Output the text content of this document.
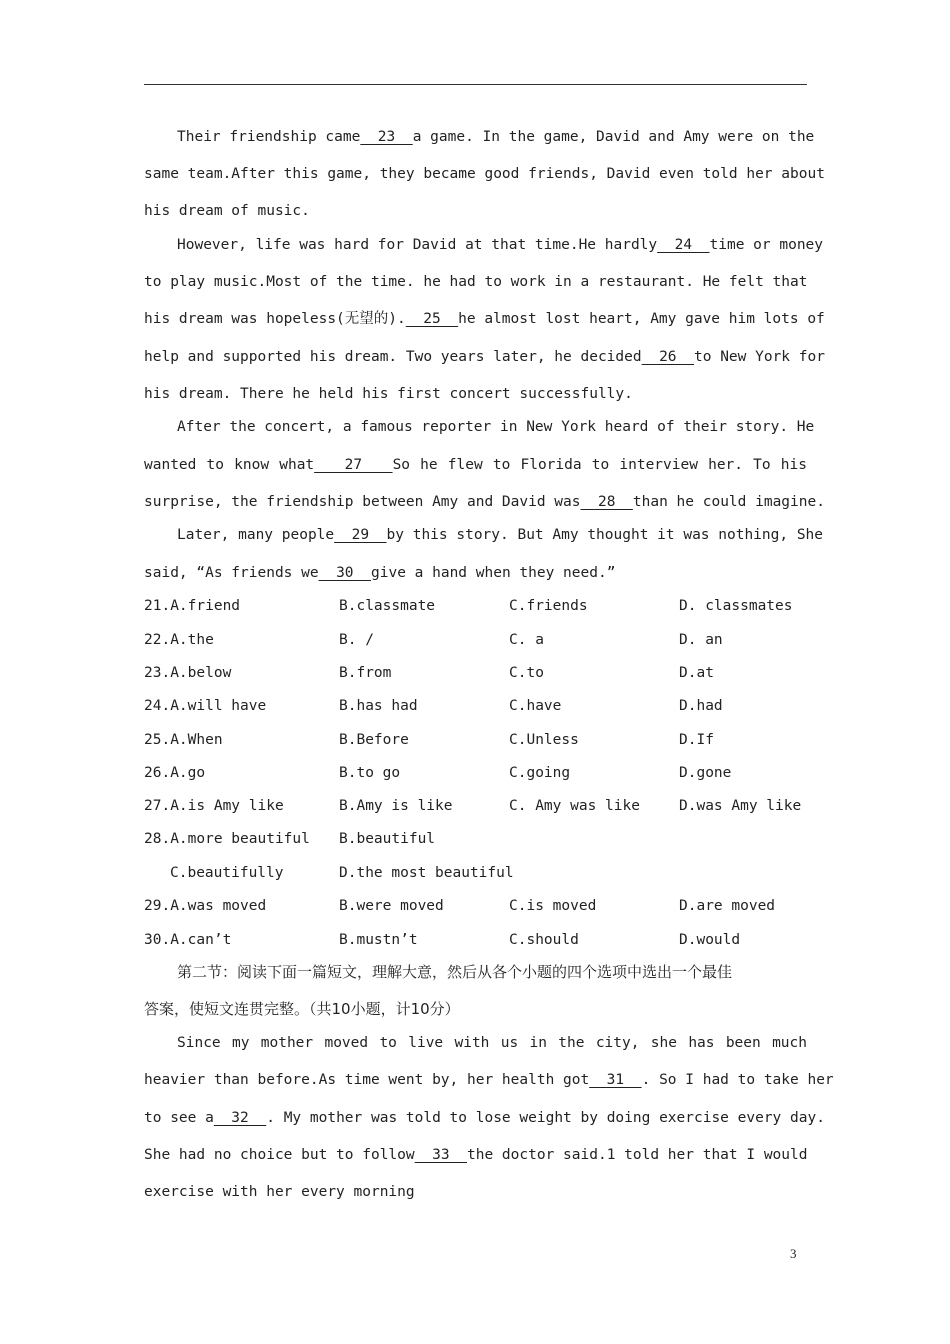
Their friendship came  23  a game. In the game, David and Amy were on the
same team.After this game, they became good friends, David even told her about
his dream of music.
However, life was hard for David at that time.He hardly  24  time or money
to play music.Most of the time. he had to work in a restaurant. He felt that
his dream was hopeless(无望的).  25  he almost lost heart, Amy gave him lots of
help and supported his dream. Two years later, he decided  26  to New York for
his dream. There he held his first concert successfully.
After the concert, a famous reporter in New York heard of their story. He
wanted to know what   27   So he flew to Florida to interview her. To his
surprise, the friendship between Amy and David was  28  than he could imagine.
Later, many people  29  by this story. But Amy thought it was nothing, She
said, “As friends we  30  give a hand when they need.”
21.A.friend	B.classmate	C.friends	D. classmates
22.A.the	B. /	C. a	D. an
23.A.below	B.from	C.to	D.at
24.A.will have	B.has had	C.have	D.had
25.A.When	B.Before	C.Unless	D.If
26.A.go	B.to go	C.going	D.gone
27.A.is Amy like	B.Amy is like	C. Amy was like	D.was Amy like
28.A.more beautiful B.beautiful
C.beautifully	D.the most beautiful
29.A.was moved	B.were moved	C.is moved	D.are moved
30.A.can’t	B.mustn’t	C.should	D.would
第二节：阅读下面一篇短文，理解大意，然后从各个小题的四个选项中选出一个最佳
答案，使短文连贯完整。（共10小题，计10分）
Since my mother moved to live with us in the city, she has been much
heavier than before.As time went by, her health got  31  . So I had to take her
to see a  32  . My mother was told to lose weight by doing exercise every day.
She had no choice but to follow  33  the doctor said.1 told her that I would
exercise with her every morning
3
